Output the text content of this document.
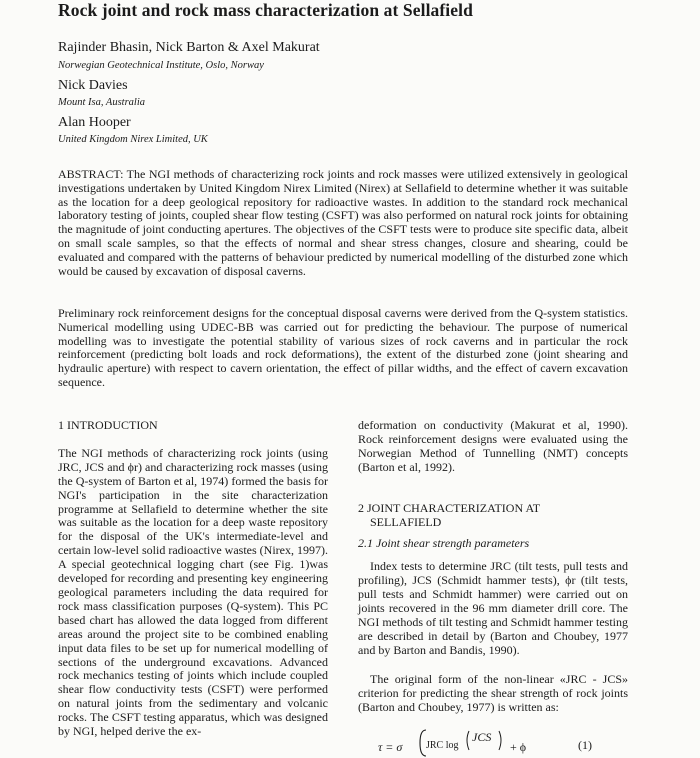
Rock joint and rock mass characterization at Sellafield
Rajinder Bhasin, Nick Barton & Axel Makurat
Norwegian Geotechnical Institute, Oslo, Norway
Nick Davies
Mount Isa, Australia
Alan Hooper
United Kingdom Nirex Limited, UK

ABSTRACT: The NGI methods of characterizing rock joints and rock masses were utilized extensively in geological investigations undertaken by United Kingdom Nirex Limited (Nirex) at Sellafield to determine whether it was suitable as the location for a deep geological repository for radioactive wastes. In addition to the standard rock mechanical laboratory testing of joints, coupled shear flow testing (CSFT) was also performed on natural rock joints for obtaining the magnitude of joint conducting apertures. The objectives of the CSFT tests were to produce site specific data, albeit on small scale samples, so that the effects of normal and shear stress changes, closure and shearing, could be evaluated and compared with the patterns of behaviour predicted by numerical modelling of the disturbed zone which would be caused by excavation of disposal caverns.

Preliminary rock reinforcement designs for the conceptual disposal caverns were derived from the Q-system statistics. Numerical modelling using UDEC-BB was carried out for predicting the behaviour. The purpose of numerical modelling was to investigate the potential stability of various sizes of rock caverns and in particular the rock reinforcement (predicting bolt loads and rock deformations), the extent of the disturbed zone (joint shearing and hydraulic aperture) with respect to cavern orientation, the effect of pillar widths, and the effect of cavern excavation sequence.

1 INTRODUCTION

The NGI methods of characterizing rock joints (using JRC, JCS and ϕr) and characterizing rock masses (using the Q-system of Barton et al, 1974) formed the basis for NGI's participation in the site characterization programme at Sellafield to determine whether the site was suitable as the location for a deep waste repository for the disposal of the UK's intermediate-level and certain low-level solid radioactive wastes (Nirex, 1997). A special geotechnical logging chart (see Fig. 1)was developed for recording and presenting key engineering geological parameters including the data required for rock mass classification purposes (Q-system). This PC based chart has allowed the data logged from different areas around the project site to be combined enabling input data files to be set up for numerical modelling of sections of the underground excavations. Advanced rock mechanics testing of joints which include coupled shear flow conductivity tests (CSFT) were performed on natural joints from the sedimentary and volcanic rocks. The CSFT testing apparatus, which was designed by NGI, helped derive the ex-

deformation on conductivity (Makurat et al, 1990). Rock reinforcement designs were evaluated using the Norwegian Method of Tunnelling (NMT) concepts (Barton et al, 1992).

2 JOINT CHARACTERIZATION AT
SELLAFIELD
2.1 Joint shear strength parameters

Index tests to determine JRC (tilt tests, pull tests and profiling), JCS (Schmidt hammer tests), ϕr (tilt tests, pull tests and Schmidt hammer) were carried out on joints recovered in the 96 mm diameter drill core. The NGI methods of tilt testing and Schmidt hammer testing are described in detail by (Barton and Choubey, 1977 and by Barton and Bandis, 1990).

The original form of the non-linear «JRC - JCS» criterion for predicting the shear strength of rock joints (Barton and Choubey, 1977) is written as:

τ = σ JRC log
JCS
+ ϕ	(1)
